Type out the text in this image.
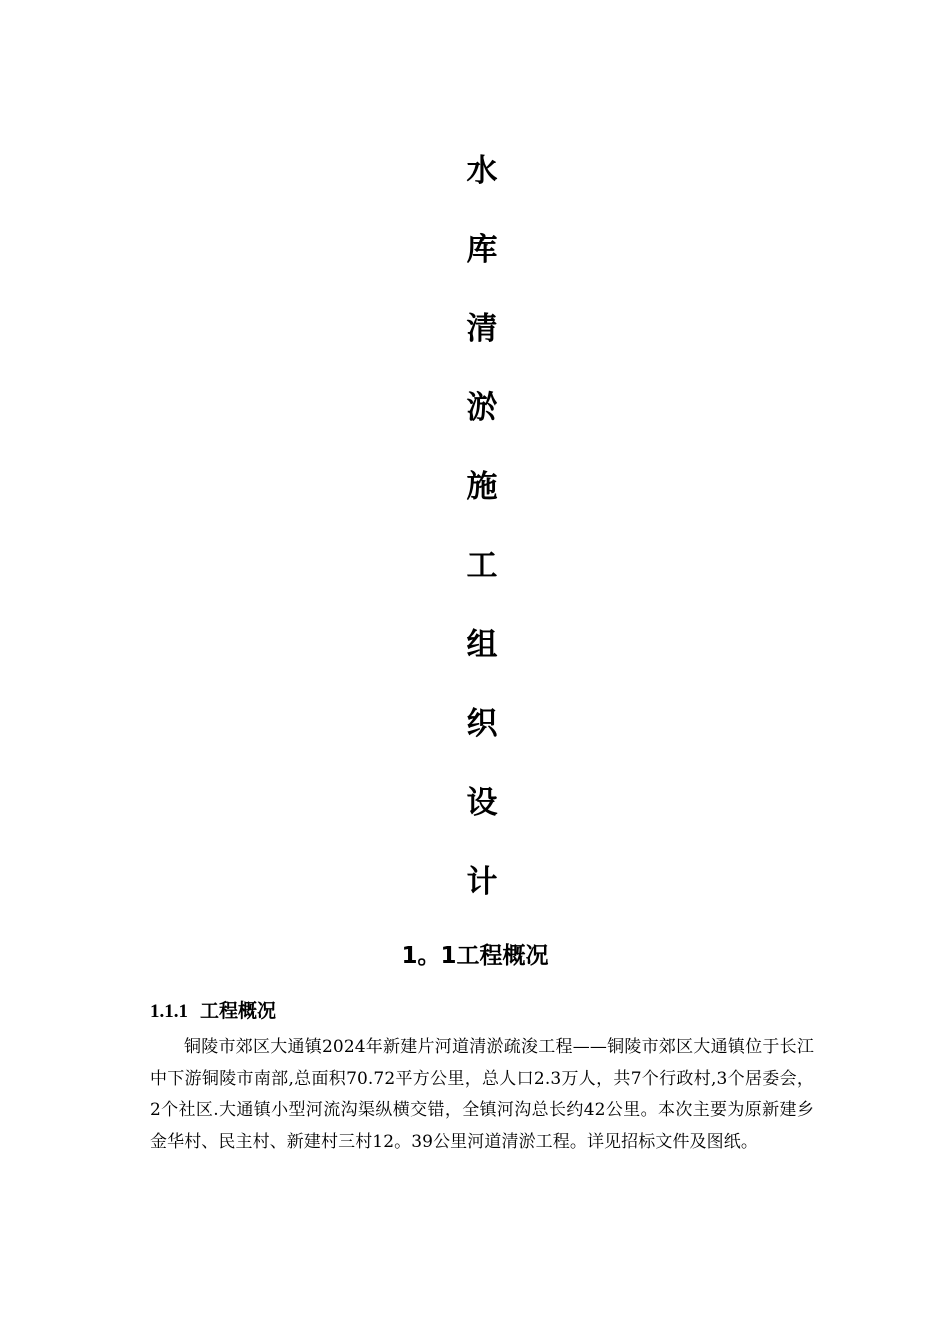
水
库
清
淤
施
工
组
织
设
计
1。1工程概况
1.1.1 工程概况

铜陵市郊区大通镇2024年新建片河道清淤疏浚工程——铜陵市郊区大通镇位于长江中下游铜陵市南部,总面积70.72平方公里，总人口2.3万人，共7个行政村,3个居委会，2个社区.大通镇小型河流沟渠纵横交错，全镇河沟总长约42公里。本次主要为原新建乡金华村、民主村、新建村三村12。39公里河道清淤工程。详见招标文件及图纸。
